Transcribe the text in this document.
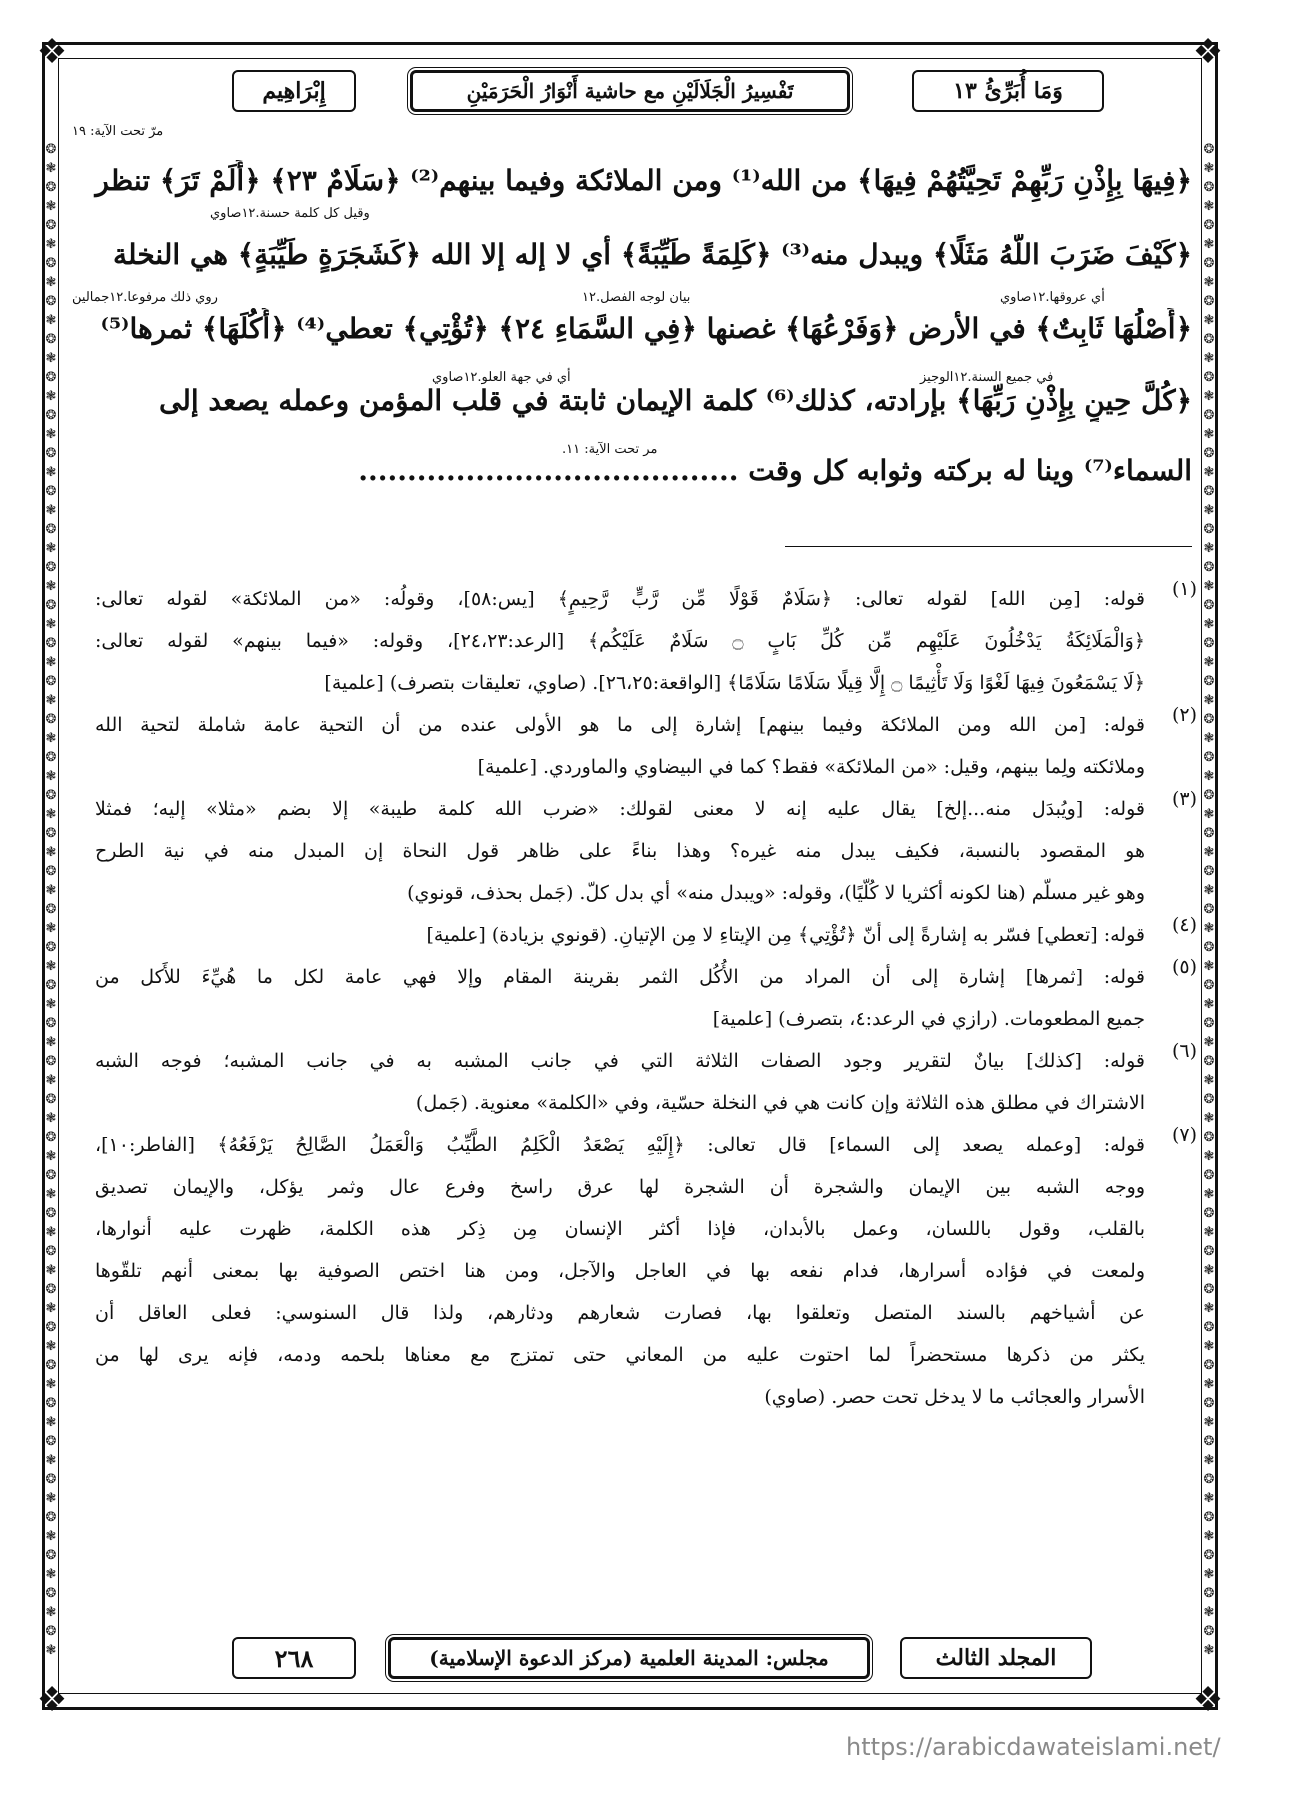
❖	❖
❖	❖
❂
❃
❂
❃
❂
❃
❂
❃
❂
❃
❂
❃
❂
❃
❂
❃
❂
❃
❂
❃
❂
❃
❂
❃
❂
❃
❂
❃
❂
❃
❂
❃
❂
❃
❂
❃
❂
❃
❂
❃
❂
❃
❂
❃
❂
❃
❂
❃
❂
❃
❂
❃
❂
❃
❂
❃
❂
❃
❂
❃
❂
❃
❂
❃
❂
❃
❂
❃
❂
❃
❂
❃
❂
❃
❂
❃
❂
❃
❂
❃
❂
❃
❂
❃
❂
❃
❂
❃
❂
❃
❂
❃
❂
❃
❂
❃
❂
❃
❂
❃
❂
❃
❂
❃
❂
❃
❂
❃
❂
❃
❂
❃
❂
❃
❂
❃
❂
❃
❂
❃
❂
❃
❂
❃
❂
❃
❂
❃
❂
❃
❂
❃
❂
❃
❂
❃
❂
❃
❂
❃
❂
❃
❂
❃
❂
❃
❂
❃
❂
❃
❂
❃
❂
❃
❂
❃
❂
❃
❂
❃
وَمَا أُبَرِّئُ ١٣
تَفْسِيرُ الْجَلَالَيْنِ مع حاشية أَنْوَارُ الْحَرَمَيْنِ
إِبْرَاهِيم
﴿فِيهَا بِإِذْنِ رَبِّهِمْ تَحِيَّتُهُمْ فِيهَا﴾ من الله⁽¹⁾ ومن الملائكة وفيما بينهم⁽²⁾ ﴿سَلَامٌ ٢٣﴾ ﴿أَلَمْ تَرَ﴾ تنظر
﴿كَيْفَ ضَرَبَ اللَّهُ مَثَلًا﴾ ويبدل منه⁽³⁾ ﴿كَلِمَةً طَيِّبَةً﴾ أي لا إله إلا الله ﴿كَشَجَرَةٍ طَيِّبَةٍ﴾ هي النخلة
﴿أَصْلُهَا ثَابِتٌ﴾ في الأرض ﴿وَفَرْعُهَا﴾ غصنها ﴿فِي السَّمَاءِ ٢٤﴾ ﴿تُؤْتِي﴾ تعطي⁽⁴⁾ ﴿أُكُلَهَا﴾ ثمرها⁽⁵⁾
﴿كُلَّ حِينٍ بِإِذْنِ رَبِّهَا﴾ بإرادته، كذلك⁽⁶⁾ كلمة الإيمان ثابتة في قلب المؤمن وعمله يصعد إلى
السماء⁽⁷⁾ وينا له بركته وثوابه كل وقت .......................................
مرّ تحت الآية: ١٩
وقيل كل كلمة حسنة.١٢صاوي
روي ذلك مرفوعا.١٢جمالين	أي عروقها.١٢صاوي
بيان لوجه الفصل.١٢
في جميع السنة.١٢الوجيز
أي في جهة العلو.١٢صاوي
مر تحت الآية: ١١.
(١)
قوله: [مِن الله] لقوله تعالى: ﴿سَلَامٌ قَوْلًا مِّن رَّبٍّ رَّحِيمٍ﴾ [يس:٥٨]، وقولُه: «من الملائكة» لقوله تعالى:
﴿وَالْمَلَائِكَةُ يَدْخُلُونَ عَلَيْهِم مِّن كُلِّ بَابٍ ۝ سَلَامٌ عَلَيْكُم﴾ [الرعد:٢٤،٢٣]، وقوله: «فيما بينهم» لقوله تعالى:
﴿لَا يَسْمَعُونَ فِيهَا لَغْوًا وَلَا تَأْثِيمًا ۝ إِلَّا قِيلًا سَلَامًا سَلَامًا﴾ [الواقعة:٢٦،٢٥]. (صاوي، تعليقات بتصرف) [علمية]
(٢)
قوله: [من الله ومن الملائكة وفيما بينهم] إشارة إلى ما هو الأولى عنده من أن التحية عامة شاملة لتحية الله
وملائكته ولِما بينهم، وقيل: «من الملائكة» فقط؟ كما في البيضاوي والماوردي. [علمية]
(٣)
قوله: [ويُبدَل منه...إلخ] يقال عليه إنه لا معنى لقولك: «ضرب الله كلمة طيبة» إلا بضم «مثلا» إليه؛ فمثلا
هو المقصود بالنسبة، فكيف يبدل منه غيره؟ وهذا بناءً على ظاهر قول النحاة إن المبدل منه في نية الطرح
وهو غير مسلّم (هنا لكونه أكثريا لا كُلّيًا)، وقوله: «ويبدل منه» أي بدل كلّ. (جَمل بحذف، قونوي)
(٤)
قوله: [تعطي] فسّر به إشارةً إلى أنّ ﴿تُؤْتِي﴾ مِن الإيتاءِ لا مِن الإتيانِ. (قونوي بزيادة) [علمية]
(٥)
قوله: [ثمرها] إشارة إلى أن المراد من الأُكُل الثمر بقرينة المقام وإلا فهي عامة لكل ما هُيِّءَ للأَكل من
جميع المطعومات. (رازي في الرعد:٤، بتصرف) [علمية]
(٦)
قوله: [كذلك] بيانٌ لتقرير وجود الصفات الثلاثة التي في جانب المشبه به في جانب المشبه؛ فوجه الشبه
الاشتراك في مطلق هذه الثلاثة وإن كانت هي في النخلة حسّية، وفي «الكلمة» معنوية. (جَمل)
(٧)
قوله: [وعمله يصعد إلى السماء] قال تعالى: ﴿إِلَيْهِ يَصْعَدُ الْكَلِمُ الطَّيِّبُ وَالْعَمَلُ الصَّالِحُ يَرْفَعُهُ﴾ [الفاطر:١٠]،
ووجه الشبه بين الإيمان والشجرة أن الشجرة لها عرق راسخ وفرع عال وثمر يؤكل، والإيمان تصديق
بالقلب، وقول باللسان، وعمل بالأبدان، فإذا أكثر الإنسان مِن ذِكر هذه الكلمة، ظهرت عليه أنوارها،
ولمعت في فؤاده أسرارها، فدام نفعه بها في العاجل والآجل، ومن هنا اختص الصوفية بها بمعنى أنهم تلقّوها
عن أشياخهم بالسند المتصل وتعلقوا بها، فصارت شعارهم ودثارهم، ولذا قال السنوسي: فعلى العاقل أن
يكثر من ذكرها مستحضراً لما احتوت عليه من المعاني حتى تمتزج مع معناها بلحمه ودمه، فإنه يرى لها من
الأسرار والعجائب ما لا يدخل تحت حصر. (صاوي)
المجلد الثالث
مجلس: المدينة العلمية (مركز الدعوة الإسلامية)
٢٦٨
https://arabicdawateislami.net/
